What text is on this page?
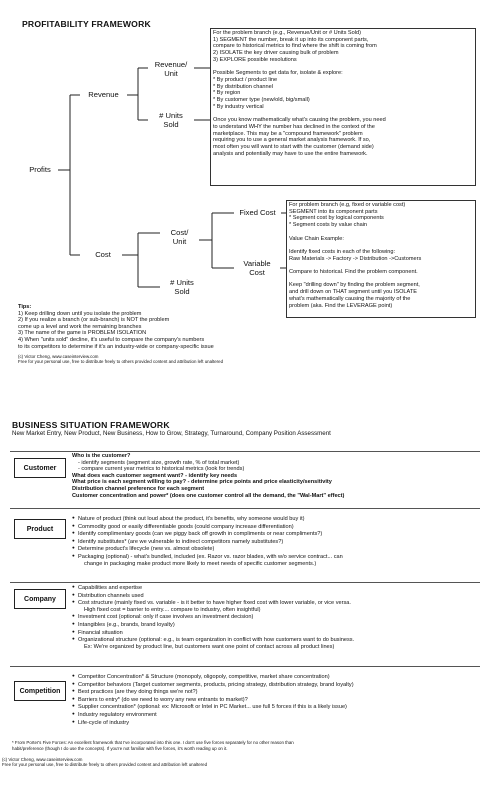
PROFITABILITY FRAMEWORK
Profits
Revenue
Cost
Revenue/
Unit
# Units
Sold
Cost/
Unit
# Units
Sold
Fixed Cost
Variable
Cost
For the problem branch (e.g., Revenue/Unit or # Units Sold)
1) SEGMENT the number, break it up into its component parts,
compare to historical metrics to find where the shift is coming from
2) ISOLATE the key driver causing bulk of problem
3) EXPLORE possible resolutions

Possible Segments to get data for, isolate & explore:
* By product / product line
* By distribution channel
* By region
* By customer type (new/old, big/small)
* By industry vertical

Once you know mathematically what's causing the problem, you need
to understand WHY the number has declined in the context of the
marketplace. This may be a "compound framework" problem
requiring you to use a general market analysis framework. If so,
most often you will want to start with the customer (demand side)
analysis and potentially may have to use the entire framework.
For problem branch (e.g, fixed or variable cost)
SEGMENT into its component parts
* Segment cost by logical components
* Segment costs by value chain

Value Chain Example:

Identify fixed costs in each of the following:
Raw Materials -> Factory -> Distribution ->Customers

Compare to historical. Find the problem component.

Keep "drilling down" by finding the problem segment,
and drill down on THAT segment until you ISOLATE
what's mathematically causing the majority of the
problem (aka. Find the LEVERAGE point)
Tips:
1) Keep drilling down until you isolate the problem
2) If you realize a branch (or sub-branch) is NOT the problem
come up a level and work the remaining branches
3) The name of the game is PROBLEM ISOLATION
4) When "units sold" decline, it's useful to compare the company's numbers
to its competitors to determine if it's an industry-wide or company-specific issue
(c) Victor Cheng, www.caseinterview.com
Free for your personal use, free to distribute freely to others provided content and attribution left unaltered
BUSINESS SITUATION FRAMEWORK
New Market Entry, New Product, New Business, How to Grow, Strategy, Turnaround, Company Position Assessment
Customer
Who is the customer?
- identify segments (segment size, growth rate, % of total market)
- compare current year metrics to historical metrics (look for trends)
What does each customer segment want? - identify key needs
What price is each segment willing to pay? - determine price points and price elasticity/sensitivity
Distribution channel preference for each segment
Customer concentration and power* (does one customer control all the demand, the "Wal-Mart" effect)
Product
● Nature of product (think out loud about the product, it's benefits, why someone would buy it)
● Commodity good or easily differentiable goods (could company increase differentiation)
● Identify complimentary goods (can we piggy back off growth in compliments or near compliments?)
● Identify substitutes* (are we vulnerable to indirect competitors namely substitutes?)
● Determine product's lifecycle (new vs. almost obsolete)
● Packaging (optional) - what's bundled, included (ex. Razor vs. razor blades, with w/o service contract... can
change in packaging make product more likely to meet needs of specific customer segments.)
Company
● Capabilities and expertise
● Distribution channels used
● Cost structure (mainly fixed vs. variable - is it better to have higher fixed cost with lower variable, or vice versa.
High fixed cost = barrier to entry.... compare to industry, often insightful)
● Investment cost (optional: only if case involves an investment decision)
● Intangibles (e.g., brands, brand loyalty)
● Financial situation
● Organizational structure (optional: e.g., is team organization in conflict with how customers want to do business.
Ex: We're organized by product line, but customers want one point of contact across all product lines)
Competition
● Competitor Concentration* & Structure (monopoly, oligopoly, competitive, market share concentration)
● Competitor behaviors (Target customer segments, products, pricing strategy, distribution strategy, brand loyalty)
● Best practices (are they doing things we're not?)
● Barriers to entry* (do we need to worry any new entrants to market)?
● Supplier concentration* (optional: ex: Microsoft or Intel in PC Market... use full 5 forces if this is a likely issue)
● Industry regulatory environment
● Life-cycle of industry
* From Porter's Five Forces: An excellent framework that I've incorporated into this one. I don't use five forces separately for no other reason than
habit/preference (though I do use the concepts). If you're not familiar with five forces, it's worth reading up on it.
(c) Victor Cheng, www.caseinterview.com
Free for your personal use, free to distribute freely to others provided content and attribution left unaltered
